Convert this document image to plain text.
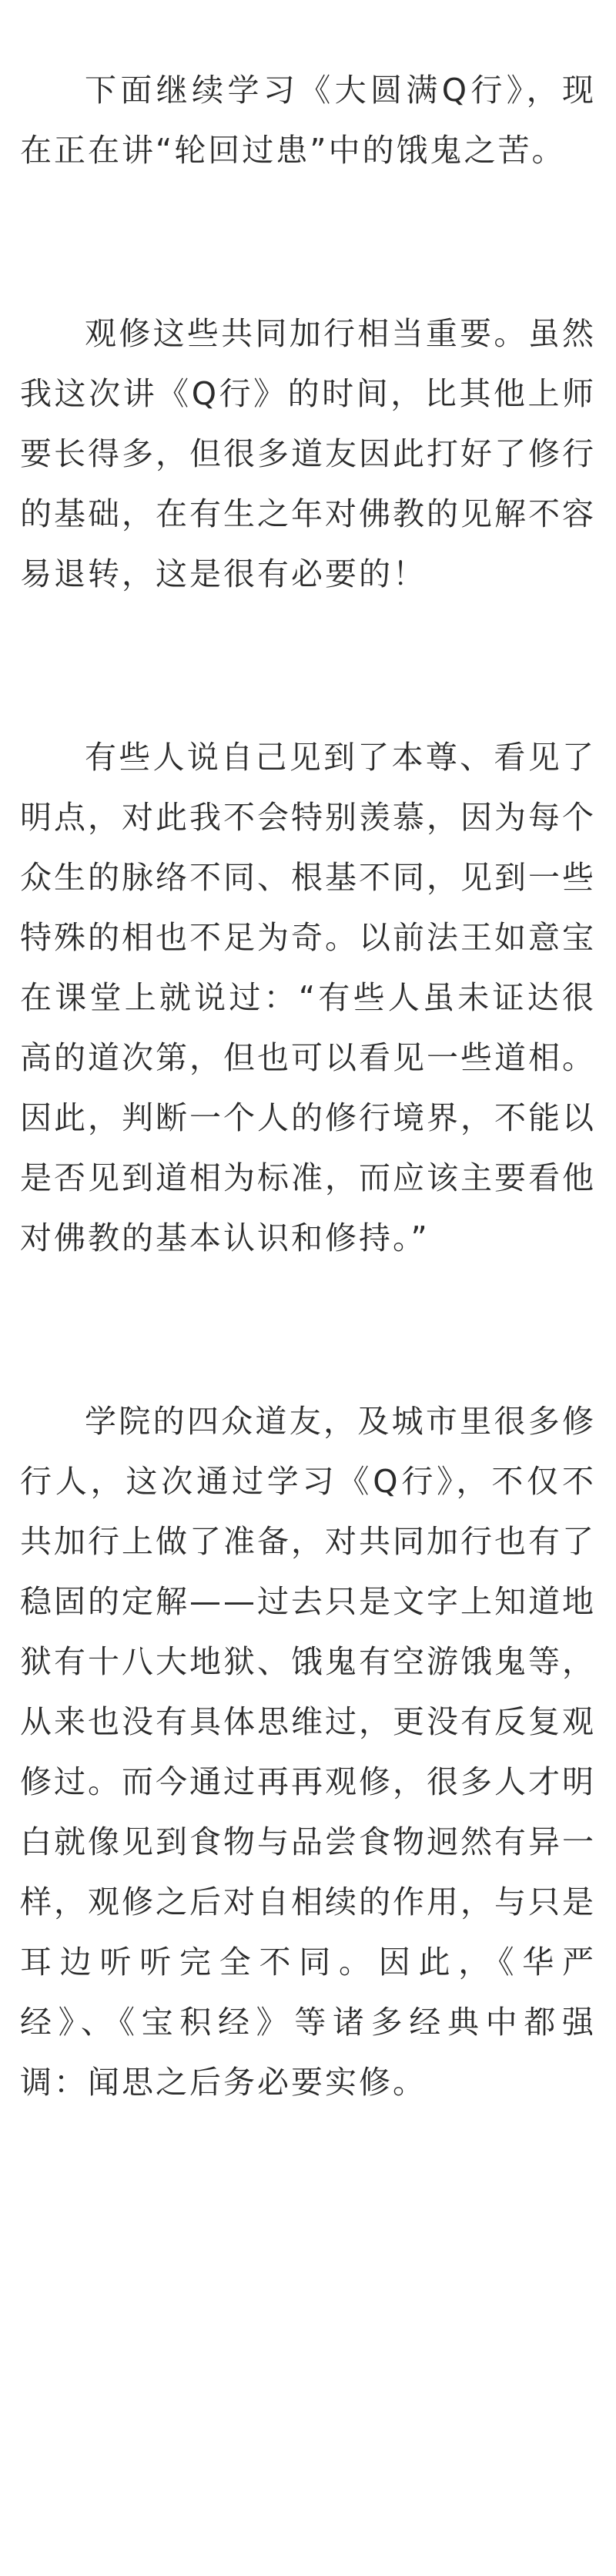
下面继续学习《大圆满Q行》，现在正在讲“轮回过患”中的饿鬼之苦。

观修这些共同加行相当重要。虽然我这次讲《Q行》的时间，比其他上师要长得多，但很多道友因此打好了修行的基础，在有生之年对佛教的见解不容易退转，这是很有必要的！

有些人说自己见到了本尊、看见了明点，对此我不会特别羡慕，因为每个众生的脉络不同、根基不同，见到一些特殊的相也不足为奇。以前法王如意宝在课堂上就说过：“有些人虽未证达很高的道次第，但也可以看见一些道相。因此，判断一个人的修行境界，不能以是否见到道相为标准，而应该主要看他对佛教的基本认识和修持。”

学院的四众道友，及城市里很多修行人，这次通过学习《Q行》，不仅不共加行上做了准备，对共同加行也有了稳固的定解——过去只是文字上知道地狱有十八大地狱、饿鬼有空游饿鬼等，从来也没有具体思维过，更没有反复观修过。而今通过再再观修，很多人才明白就像见到食物与品尝食物迥然有异一样，观修之后对自相续的作用，与只是耳边听听完全不同。因此，《华严经》、《宝积经》等诸多经典中都强调：闻思之后务必要实修。
